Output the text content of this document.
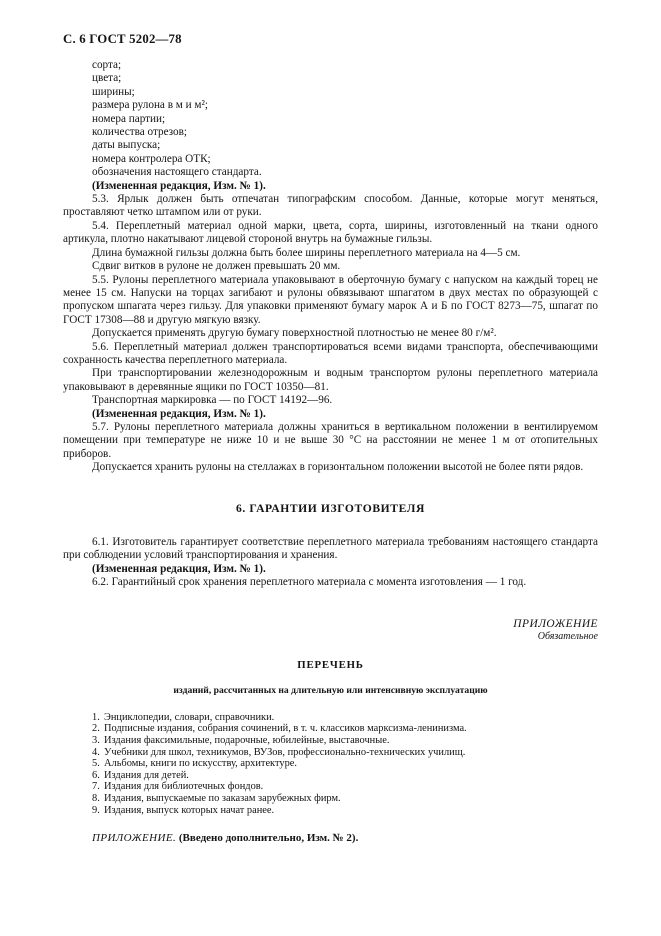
С. 6 ГОСТ 5202—78

сорта;

цвета;

ширины;

размера рулона в м и м²;

номера партии;

количества отрезов;

даты выпуска;

номера контролера ОТК;

обозначения настоящего стандарта.

(Измененная редакция, Изм. № 1).

5.3. Ярлык должен быть отпечатан типографским способом. Данные, которые могут меняться, проставляют четко штампом или от руки.

5.4. Переплетный материал одной марки, цвета, сорта, ширины, изготовленный на ткани одного артикула, плотно накатывают лицевой стороной внутрь на бумажные гильзы.

Длина бумажной гильзы должна быть более ширины переплетного материала на 4—5 см.

Сдвиг витков в рулоне не должен превышать 20 мм.

5.5. Рулоны переплетного материала упаковывают в оберточную бумагу с напуском на каждый торец не менее 15 см. Напуски на торцах загибают и рулоны обвязывают шпагатом в двух местах по образующей с пропуском шпагата через гильзу. Для упаковки применяют бумагу марок А и Б по ГОСТ 8273—75, шпагат по ГОСТ 17308—88 и другую мягкую вязку.

Допускается применять другую бумагу поверхностной плотностью не менее 80 г/м².

5.6. Переплетный материал должен транспортироваться всеми видами транспорта, обеспечивающими сохранность качества переплетного материала.

При транспортировании железнодорожным и водным транспортом рулоны переплетного материала упаковывают в деревянные ящики по ГОСТ 10350—81.

Транспортная маркировка — по ГОСТ 14192—96.

(Измененная редакция, Изм. № 1).

5.7. Рулоны переплетного материала должны храниться в вертикальном положении в вентилируемом помещении при температуре не ниже 10 и не выше 30 °С на расстоянии не менее 1 м от отопительных приборов.

Допускается хранить рулоны на стеллажах в горизонтальном положении высотой не более пяти рядов.

6. ГАРАНТИИ ИЗГОТОВИТЕЛЯ

6.1. Изготовитель гарантирует соответствие переплетного материала требованиям настоящего стандарта при соблюдении условий транспортирования и хранения.

(Измененная редакция, Изм. № 1).

6.2. Гарантийный срок хранения переплетного материала с момента изготовления — 1 год.

ПРИЛОЖЕНИЕ
Обязательное
ПЕРЕЧЕНЬ
изданий, рассчитанных на длительную или интенсивную эксплуатацию
1. Энциклопедии, словари, справочники.
2. Подписные издания, собрания сочинений, в т. ч. классиков марксизма-ленинизма.
3. Издания факсимильные, подарочные, юбилейные, выставочные.
4. Учебники для школ, техникумов, ВУЗов, профессионально-технических училищ.
5. Альбомы, книги по искусству, архитектуре.
6. Издания для детей.
7. Издания для библиотечных фондов.
8. Издания, выпускаемые по заказам зарубежных фирм.
9. Издания, выпуск которых начат ранее.
ПРИЛОЖЕНИЕ. (Введено дополнительно, Изм. № 2).
